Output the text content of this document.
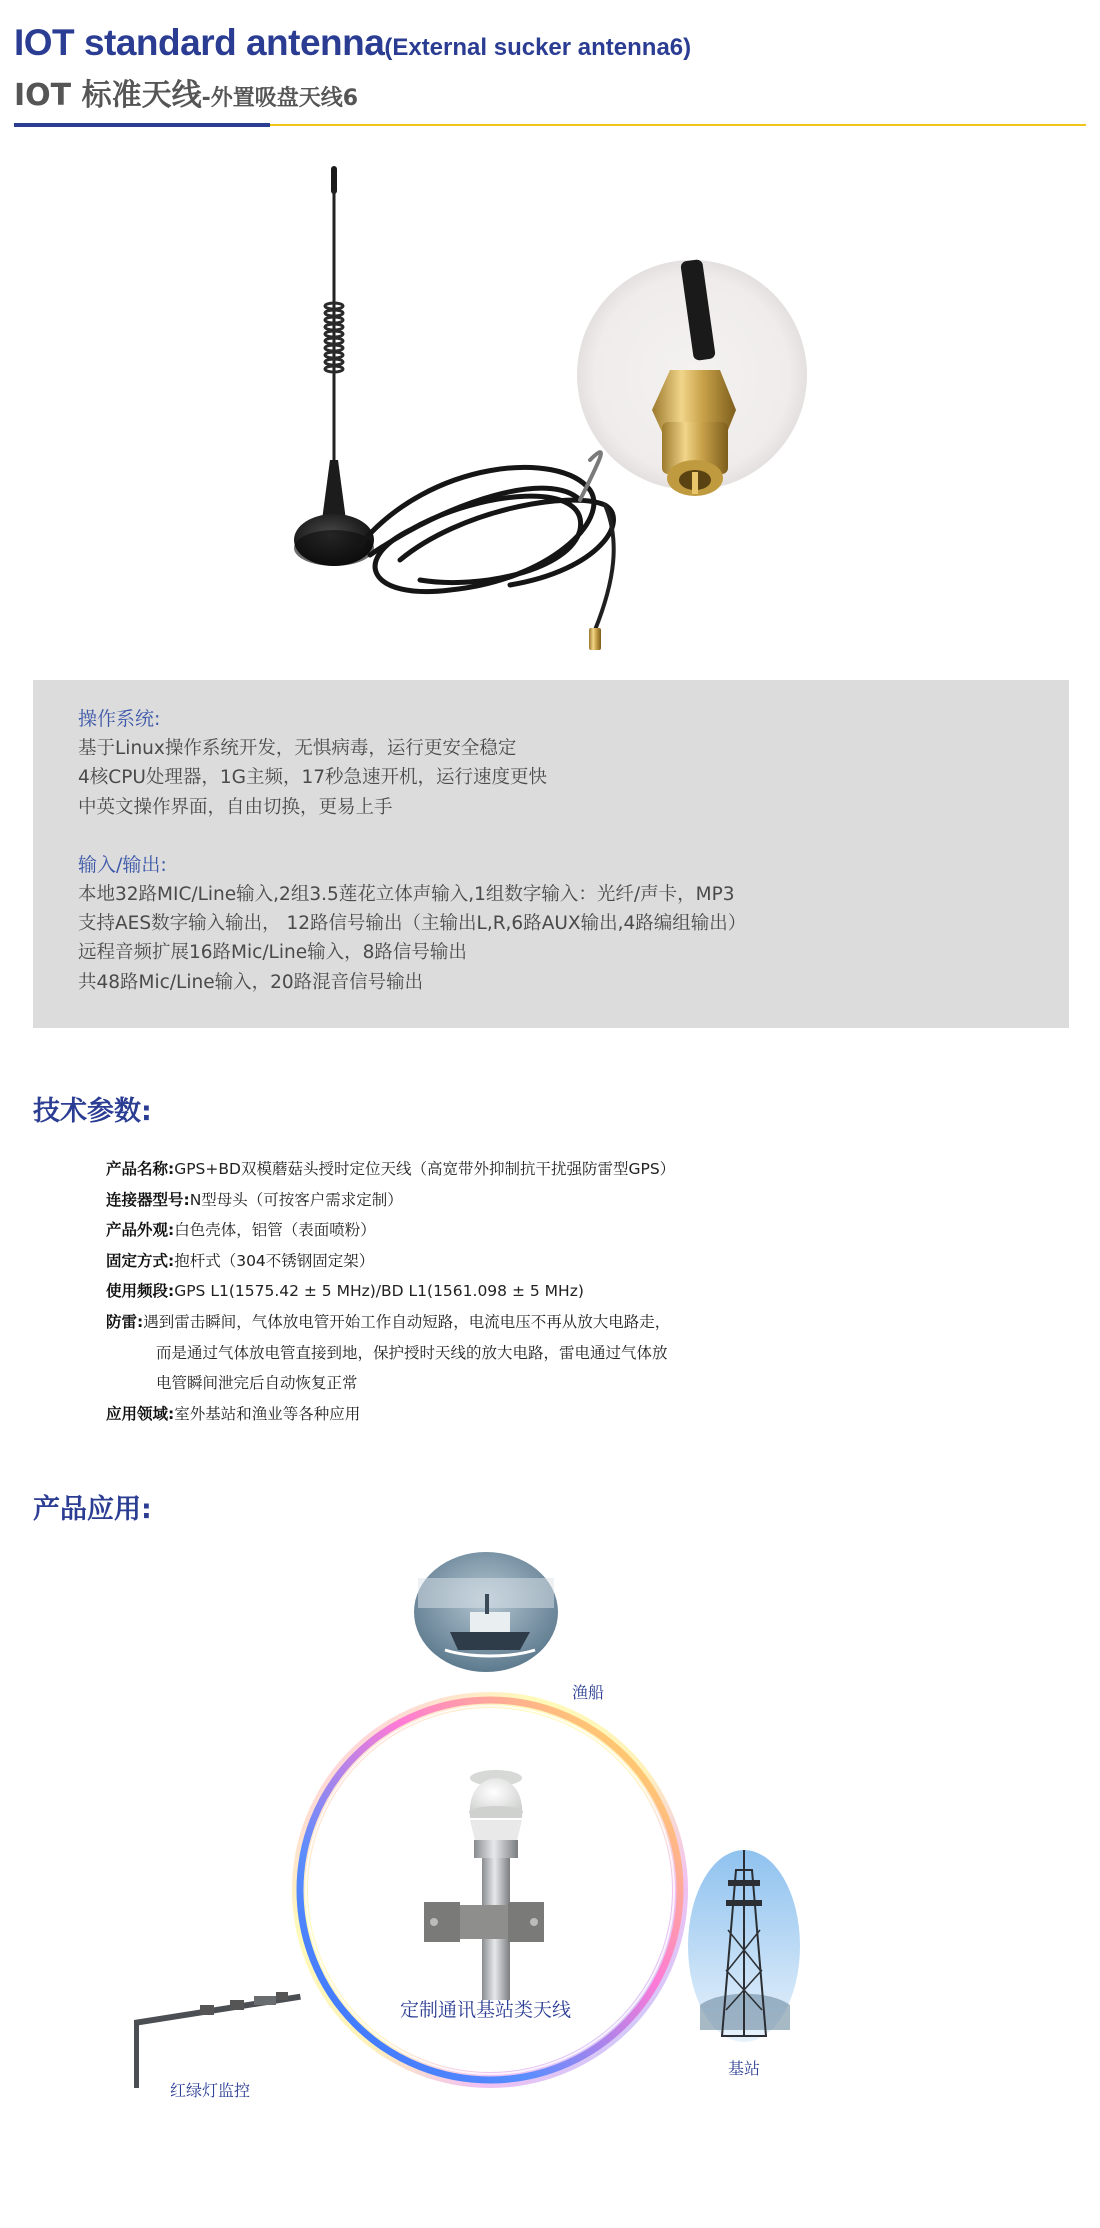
IOT standard antenna(External sucker antenna6)
IOT 标准天线-外置吸盘天线6
操作系统:
基于Linux操作系统开发，无惧病毒，运行更安全稳定
4核CPU处理器，1G主频，17秒急速开机，运行速度更快
中英文操作界面，自由切换，更易上手
输入/输出:
本地32路MIC/Line输入,2组3.5莲花立体声输入,1组数字输入：光纤/声卡，MP3
支持AES数字输入输出， 12路信号输出（主输出L,R,6路AUX输出,4路编组输出）
远程音频扩展16路Mic/Line输入，8路信号输出
共48路Mic/Line输入，20路混音信号输出
技术参数:
产品名称:GPS+BD双模蘑菇头授时定位天线（高宽带外抑制抗干扰强防雷型GPS）
连接器型号:N型母头（可按客户需求定制）
产品外观:白色壳体，铝管（表面喷粉）
固定方式:抱杆式（304不锈钢固定架）
使用频段:GPS L1(1575.42 ± 5 MHz)/BD L1(1561.098 ± 5 MHz)
防雷:遇到雷击瞬间，气体放电管开始工作自动短路，电流电压不再从放大电路走，
而是通过气体放电管直接到地，保护授时天线的放大电路，雷电通过气体放
电管瞬间泄完后自动恢复正常
应用领域:室外基站和渔业等各种应用
产品应用:
定制通讯基站类天线
渔船
基站
红绿灯监控
